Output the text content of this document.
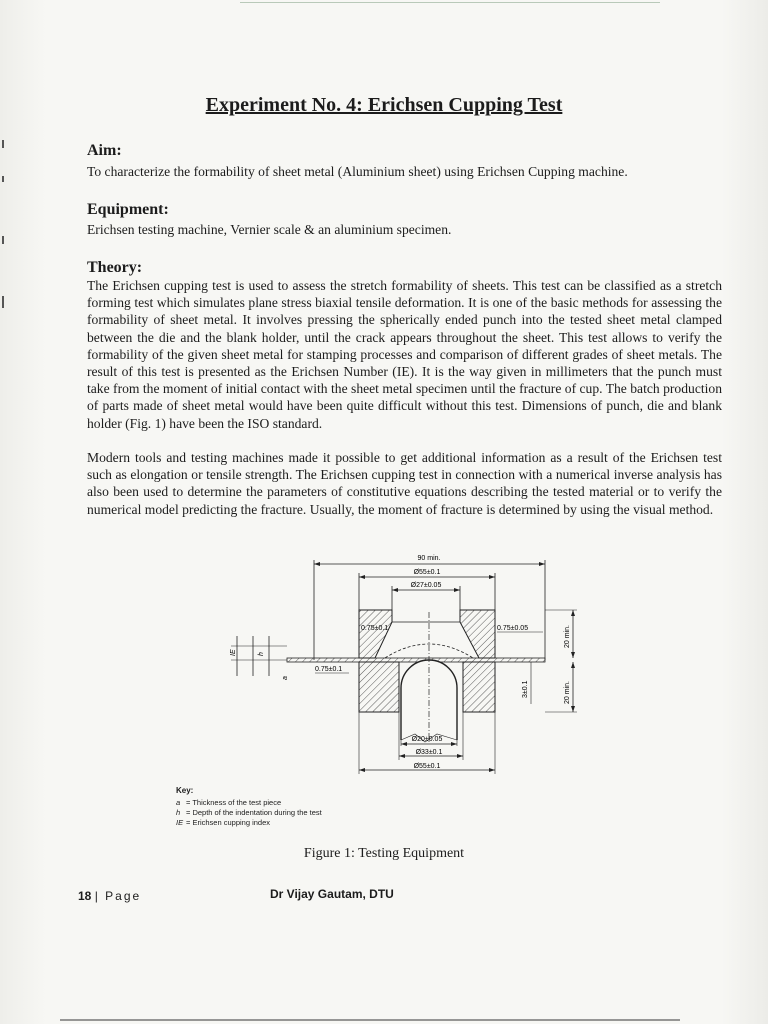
Experiment No. 4: Erichsen Cupping Test
Aim:
To characterize the formability of sheet metal (Aluminium sheet) using Erichsen Cupping machine.
Equipment:
Erichsen testing machine, Vernier scale & an aluminium specimen.
Theory:
The Erichsen cupping test is used to assess the stretch formability of sheets. This test can be classified as a stretch forming test which simulates plane stress biaxial tensile deformation. It is one of the basic methods for assessing the formability of sheet metal. It involves pressing the spherically ended punch into the tested sheet metal clamped between the die and the blank holder, until the crack appears throughout the sheet. This test allows to verify the formability of the given sheet metal for stamping processes and comparison of different grades of sheet metals. The result of this test is presented as the Erichsen Number (IE). It is the way given in millimeters that the punch must take from the moment of initial contact with the sheet metal specimen until the fracture of cup. The batch production of parts made of sheet metal would have been quite difficult without this test. Dimensions of punch, die and blank holder (Fig. 1) have been the ISO standard.
Modern tools and testing machines made it possible to get additional information as a result of the Erichsen test such as elongation or tensile strength. The Erichsen cupping test in connection with a numerical inverse analysis has also been used to determine the parameters of constitutive equations describing the tested material or to verify the numerical model predicting the fracture. Usually, the moment of fracture is determined by using the visual method.
90 min.
Ø55±0.1
Ø27±0.05
0.75±0.1	0.75±0.05
0.75±0.1
20 min.
20 min.
3±0.1
IE	h
a
Ø20±0.05
Ø33±0.1
Ø55±0.1
Key:
a = Thickness of the test piece
h = Depth of the indentation during the test
IE = Erichsen cupping index
Figure 1: Testing Equipment
18 | Page	Dr Vijay Gautam, DTU
